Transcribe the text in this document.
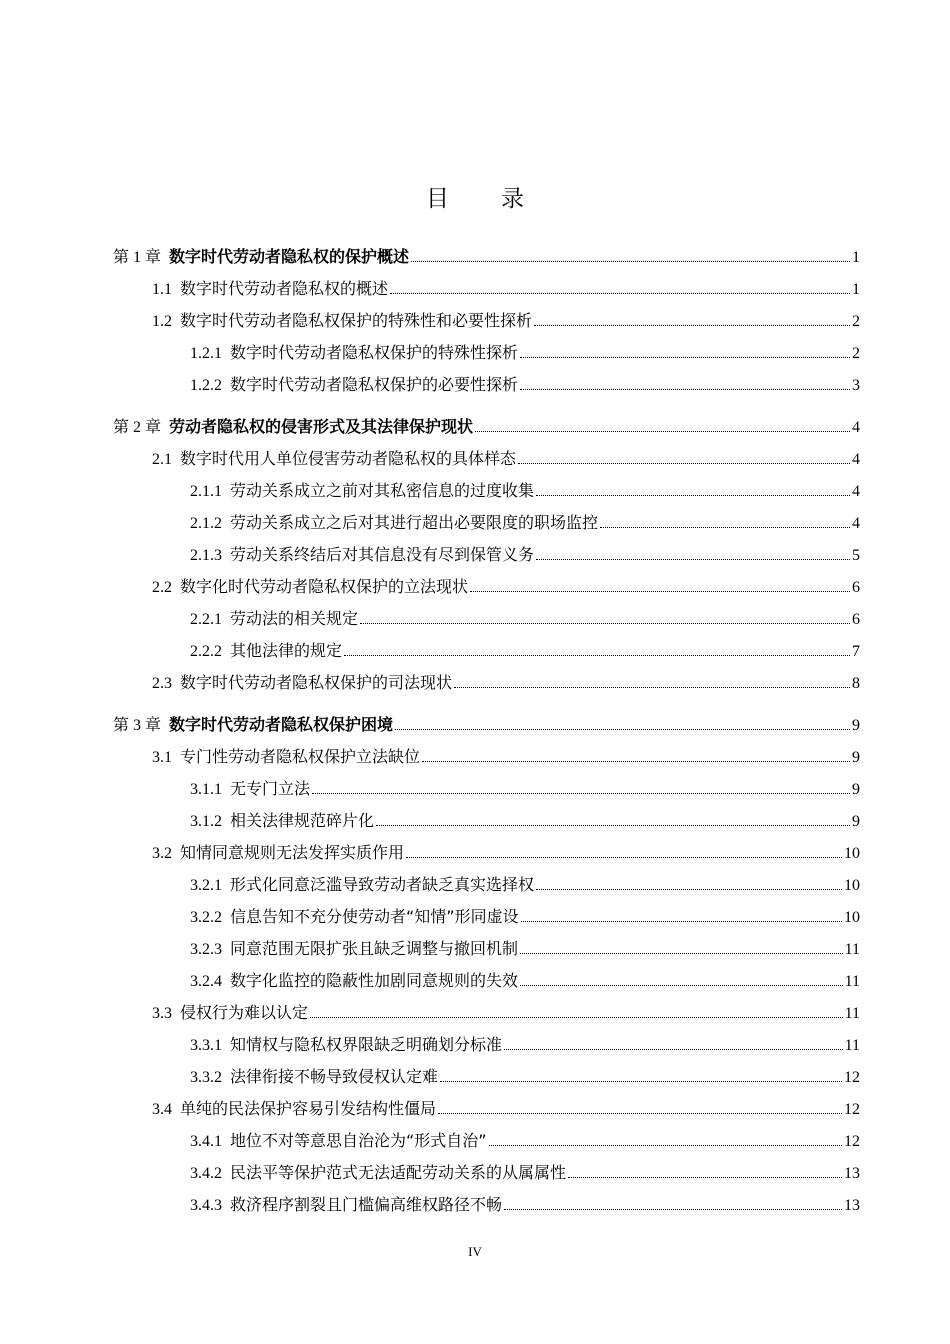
目录
第 1 章 数字时代劳动者隐私权的保护概述	1
1.1 数字时代劳动者隐私权的概述	1
1.2 数字时代劳动者隐私权保护的特殊性和必要性探析	2
1.2.1 数字时代劳动者隐私权保护的特殊性探析	2
1.2.2 数字时代劳动者隐私权保护的必要性探析	3
第 2 章 劳动者隐私权的侵害形式及其法律保护现状	4
2.1 数字时代用人单位侵害劳动者隐私权的具体样态	4
2.1.1 劳动关系成立之前对其私密信息的过度收集	4
2.1.2 劳动关系成立之后对其进行超出必要限度的职场监控	4
2.1.3 劳动关系终结后对其信息没有尽到保管义务	5
2.2 数字化时代劳动者隐私权保护的立法现状	6
2.2.1 劳动法的相关规定	6
2.2.2 其他法律的规定	7
2.3 数字时代劳动者隐私权保护的司法现状	8
第 3 章 数字时代劳动者隐私权保护困境	9
3.1 专门性劳动者隐私权保护立法缺位	9
3.1.1 无专门立法	9
3.1.2 相关法律规范碎片化	9
3.2 知情同意规则无法发挥实质作用	10
3.2.1 形式化同意泛滥导致劳动者缺乏真实选择权	10
3.2.2 信息告知不充分使劳动者“知情”形同虚设	10
3.2.3 同意范围无限扩张且缺乏调整与撤回机制	11
3.2.4 数字化监控的隐蔽性加剧同意规则的失效	11
3.3 侵权行为难以认定	11
3.3.1 知情权与隐私权界限缺乏明确划分标准	11
3.3.2 法律衔接不畅导致侵权认定难	12
3.4 单纯的民法保护容易引发结构性僵局	12
3.4.1 地位不对等意思自治沦为“形式自治”	12
3.4.2 民法平等保护范式无法适配劳动关系的从属属性	13
3.4.3 救济程序割裂且门槛偏高维权路径不畅	13
IV
